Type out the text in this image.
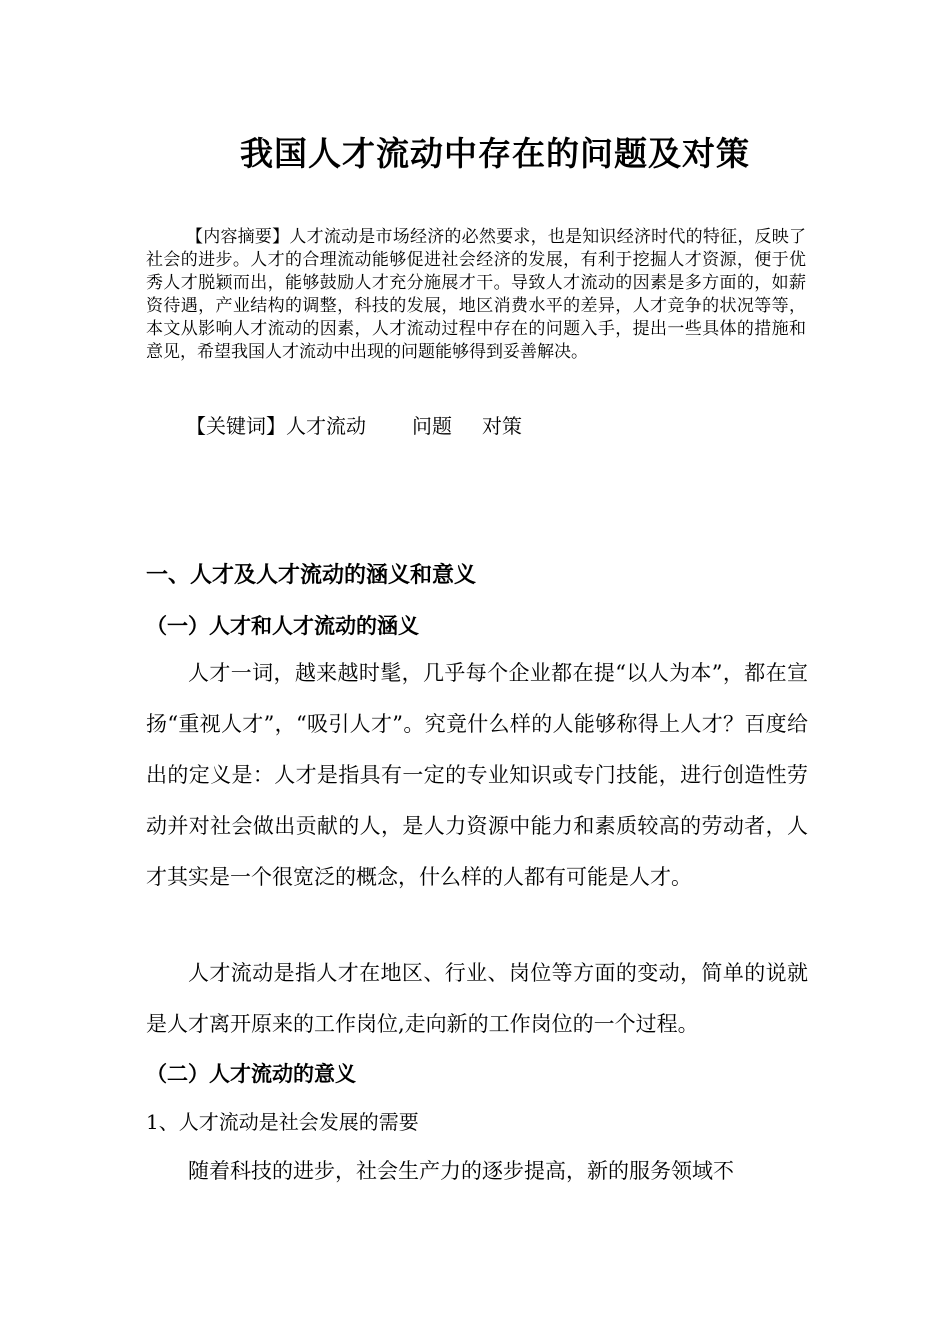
我国人才流动中存在的问题及对策

【内容摘要】人才流动是市场经济的必然要求，也是知识经济时代的特征，反映了社会的进步。人才的合理流动能够促进社会经济的发展，有利于挖掘人才资源，便于优秀人才脱颖而出，能够鼓励人才充分施展才干。导致人才流动的因素是多方面的，如薪资待遇，产业结构的调整，科技的发展，地区消费水平的差异，人才竞争的状况等等，本文从影响人才流动的因素，人才流动过程中存在的问题入手，提出一些具体的措施和意见，希望我国人才流动中出现的问题能够得到妥善解决。

【关键词】人才流动 问题 对策
一、人才及人才流动的涵义和意义
（一）人才和人才流动的涵义

人才一词，越来越时髦，几乎每个企业都在提“以人为本”，都在宣扬“重视人才”，“吸引人才”。究竟什么样的人能够称得上人才？百度给出的定义是：人才是指具有一定的专业知识或专门技能，进行创造性劳动并对社会做出贡献的人，是人力资源中能力和素质较高的劳动者，人才其实是一个很宽泛的概念，什么样的人都有可能是人才。

人才流动是指人才在地区、行业、岗位等方面的变动，简单的说就是人才离开原来的工作岗位,走向新的工作岗位的一个过程。

（二）人才流动的意义

1、人才流动是社会发展的需要

随着科技的进步，社会生产力的逐步提高，新的服务领域不
